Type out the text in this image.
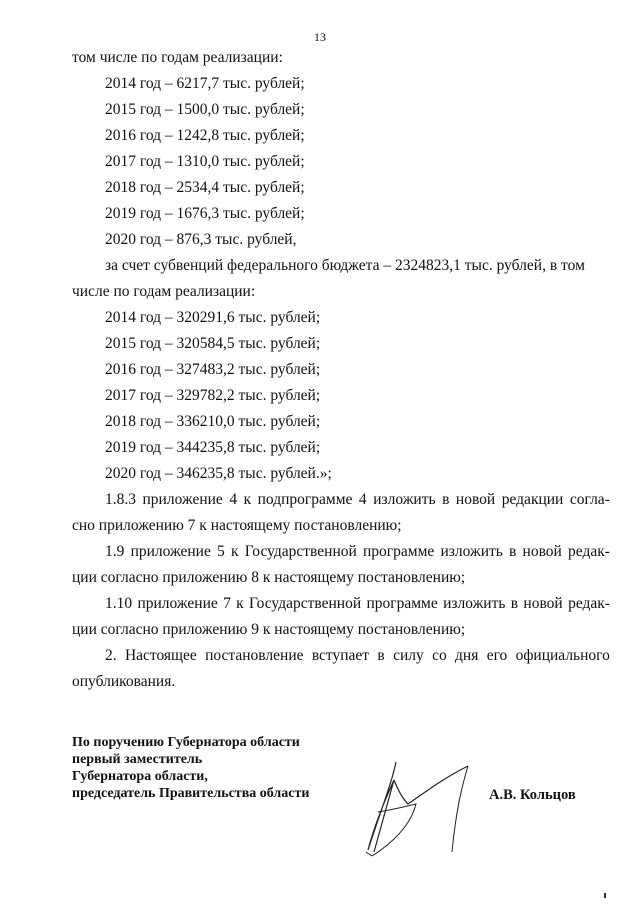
13
том числе по годам реализации:
2014 год – 6217,7 тыс. рублей;
2015 год – 1500,0 тыс. рублей;
2016 год – 1242,8 тыс. рублей;
2017 год – 1310,0 тыс. рублей;
2018 год – 2534,4 тыс. рублей;
2019 год – 1676,3 тыс. рублей;
2020 год – 876,3 тыс. рублей,
за счет субвенций федерального бюджета – 2324823,1 тыс. рублей, в том
числе по годам реализации:
2014 год – 320291,6 тыс. рублей;
2015 год – 320584,5 тыс. рублей;
2016 год – 327483,2 тыс. рублей;
2017 год – 329782,2 тыс. рублей;
2018 год – 336210,0 тыс. рублей;
2019 год – 344235,8 тыс. рублей;
2020 год – 346235,8 тыс. рублей.»;
1.8.3 приложение 4 к подпрограмме 4 изложить в новой редакции согла-
сно приложению 7 к настоящему постановлению;
1.9 приложение 5 к Государственной программе изложить в новой редак-
ции согласно приложению 8 к настоящему постановлению;
1.10 приложение 7 к Государственной программе изложить в новой редак-
ции согласно приложению 9 к настоящему постановлению;
2. Настоящее постановление вступает в силу со дня его официального
опубликования.
По поручению Губернатора области
первый заместитель
Губернатора области,
председатель Правительства области	А.В. Кольцов
